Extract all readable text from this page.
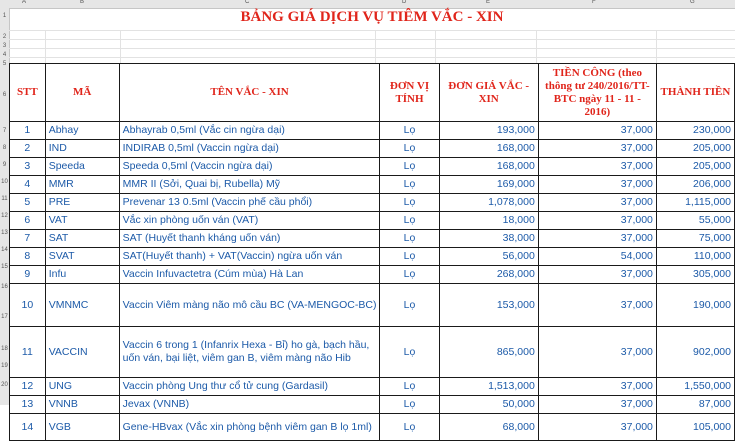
A	B	C	D	E	F	G
1
2
3
4
5
6
7
8
9
10
11
12
13
14
15
16
17
18
19
20
BẢNG GIÁ DỊCH VỤ TIÊM VẮC - XIN
STT	MÃ	TÊN VẮC - XIN	ĐƠN VỊ TÍNH	ĐƠN GIÁ VẮC - XIN	TIỀN CÔNG (theo thông tư 240/2016/TT-BTC ngày 11 - 11 - 2016)	THÀNH TIỀN
1	Abhay	Abhayrab 0,5ml (Vắc cin ngừa dại)	Lọ	193,000	37,000	230,000
2	IND	INDIRAB 0,5ml (Vaccin ngừa dại)	Lọ	168,000	37,000	205,000
3	Speeda	Speeda 0,5ml (Vaccin ngừa dại)	Lọ	168,000	37,000	205,000
4	MMR	MMR II (Sởi, Quai bị, Rubella) Mỹ	Lọ	169,000	37,000	206,000
5	PRE	Prevenar 13 0.5ml (Vaccin phế cầu phổi)	Lọ	1,078,000	37,000	1,115,000
6	VAT	Vắc xin phòng uốn ván (VAT)	Lọ	18,000	37,000	55,000
7	SAT	SAT (Huyết thanh kháng uốn ván)	Lọ	38,000	37,000	75,000
8	SVAT	SAT(Huyết thanh) + VAT(Vaccin) ngừa uốn ván	Lọ	56,000	54,000	110,000
9	Infu	Vaccin Infuvactetra (Cúm mùa) Hà Lan	Lọ	268,000	37,000	305,000
10	VMNMC	Vaccin Viêm màng não mô cầu BC (VA-MENGOC-BC)	Lọ	153,000	37,000	190,000
11	VACCIN	Vaccin 6 trong 1 (Infanrix Hexa - Bỉ) ho gà, bạch hầu, uốn ván, bại liệt, viêm gan B, viêm màng não Hib	Lọ	865,000	37,000	902,000
12	UNG	Vaccin phòng Ung thư cổ tử cung (Gardasil)	Lọ	1,513,000	37,000	1,550,000
13	VNNB	Jevax (VNNB)	Lọ	50,000	37,000	87,000
14	VGB	Gene-HBvax (Vắc xin phòng bệnh viêm gan B lọ 1ml)	Lọ	68,000	37,000	105,000
